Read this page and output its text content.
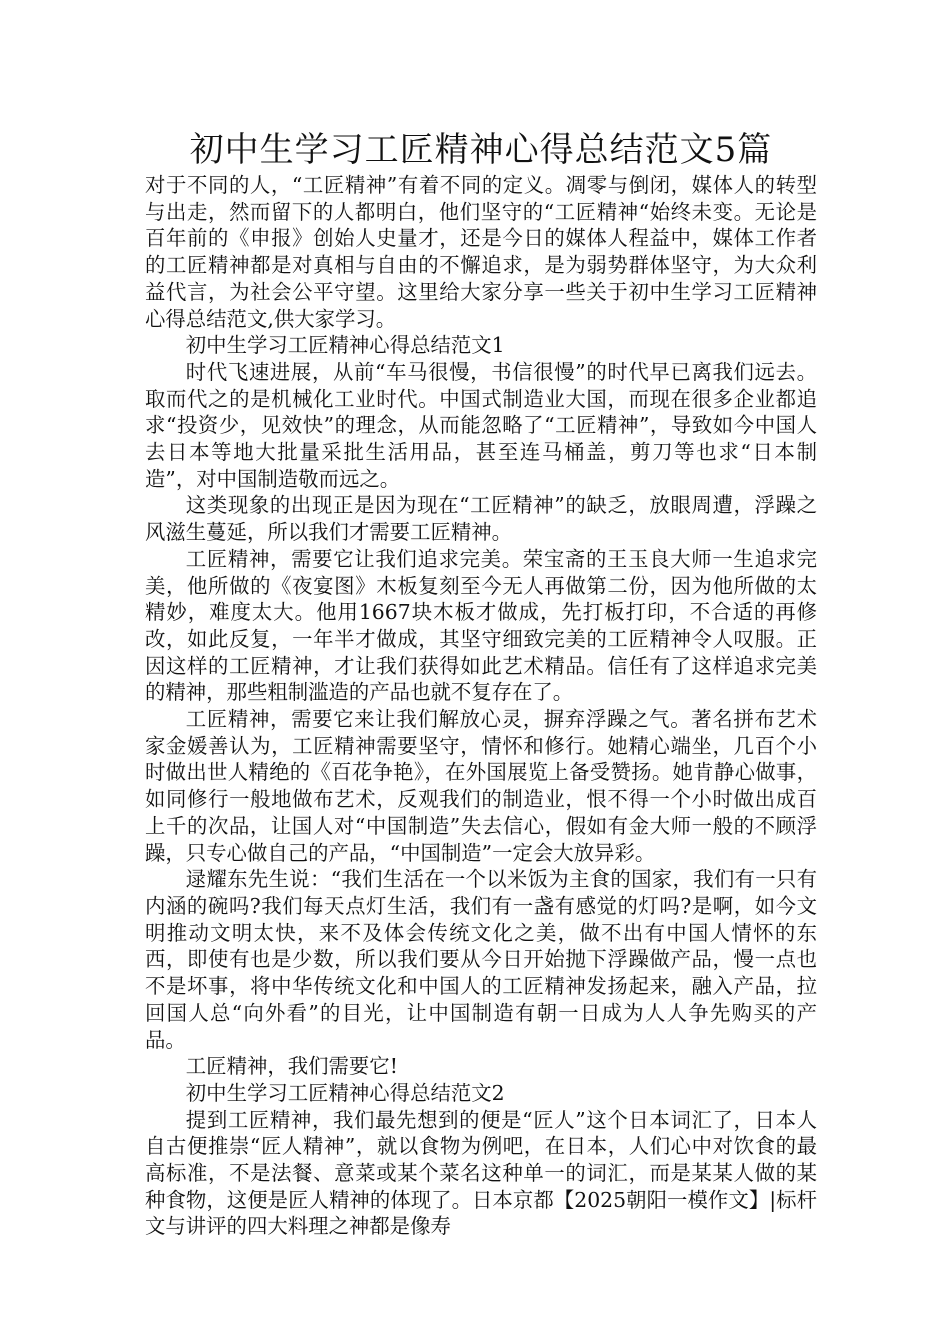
初中生学习工匠精神心得总结范文5篇

对于不同的人，“工匠精神”有着不同的定义。凋零与倒闭，媒体人的转型与出走，然而留下的人都明白，他们坚守的“工匠精神“始终未变。无论是百年前的《申报》创始人史量才，还是今日的媒体人程益中，媒体工作者的工匠精神都是对真相与自由的不懈追求，是为弱势群体坚守，为大众利益代言，为社会公平守望。这里给大家分享一些关于初中生学习工匠精神心得总结范文,供大家学习。

初中生学习工匠精神心得总结范文1

时代飞速进展，从前“车马很慢，书信很慢”的时代早已离我们远去。取而代之的是机械化工业时代。中国式制造业大国，而现在很多企业都追求“投资少，见效快”的理念，从而能忽略了“工匠精神”，导致如今中国人去日本等地大批量采批生活用品，甚至连马桶盖，剪刀等也求“日本制造”，对中国制造敬而远之。

这类现象的出现正是因为现在“工匠精神”的缺乏，放眼周遭，浮躁之风滋生蔓延，所以我们才需要工匠精神。

工匠精神，需要它让我们追求完美。荣宝斋的王玉良大师一生追求完美，他所做的《夜宴图》木板复刻至今无人再做第二份，因为他所做的太精妙，难度太大。他用1667块木板才做成，先打板打印，不合适的再修改，如此反复，一年半才做成，其坚守细致完美的工匠精神令人叹服。正因这样的工匠精神，才让我们获得如此艺术精品。信任有了这样追求完美的精神，那些粗制滥造的产品也就不复存在了。

工匠精神，需要它来让我们解放心灵，摒弃浮躁之气。著名拼布艺术家金媛善认为，工匠精神需要坚守，情怀和修行。她精心端坐，几百个小时做出世人精绝的《百花争艳》，在外国展览上备受赞扬。她肯静心做事，如同修行一般地做布艺术，反观我们的制造业，恨不得一个小时做出成百上千的次品，让国人对“中国制造”失去信心，假如有金大师一般的不顾浮躁，只专心做自己的产品，“中国制造”一定会大放异彩。

逯耀东先生说：“我们生活在一个以米饭为主食的国家，我们有一只有内涵的碗吗?我们每天点灯生活，我们有一盏有感觉的灯吗?是啊，如今文明推动文明太快，来不及体会传统文化之美，做不出有中国人情怀的东西，即使有也是少数，所以我们要从今日开始抛下浮躁做产品，慢一点也不是坏事，将中华传统文化和中国人的工匠精神发扬起来，融入产品，拉回国人总“向外看”的目光，让中国制造有朝一日成为人人争先购买的产品。

工匠精神，我们需要它!

初中生学习工匠精神心得总结范文2

提到工匠精神，我们最先想到的便是“匠人”这个日本词汇了，日本人自古便推崇“匠人精神”，就以食物为例吧，在日本，人们心中对饮食的最高标准，不是法餐、意菜或某个菜名这种单一的词汇，而是某某人做的某种食物，这便是匠人精神的体现了。日本京都【2025朝阳一模作文】|标杆文与讲评的四大料理之神都是像寿
